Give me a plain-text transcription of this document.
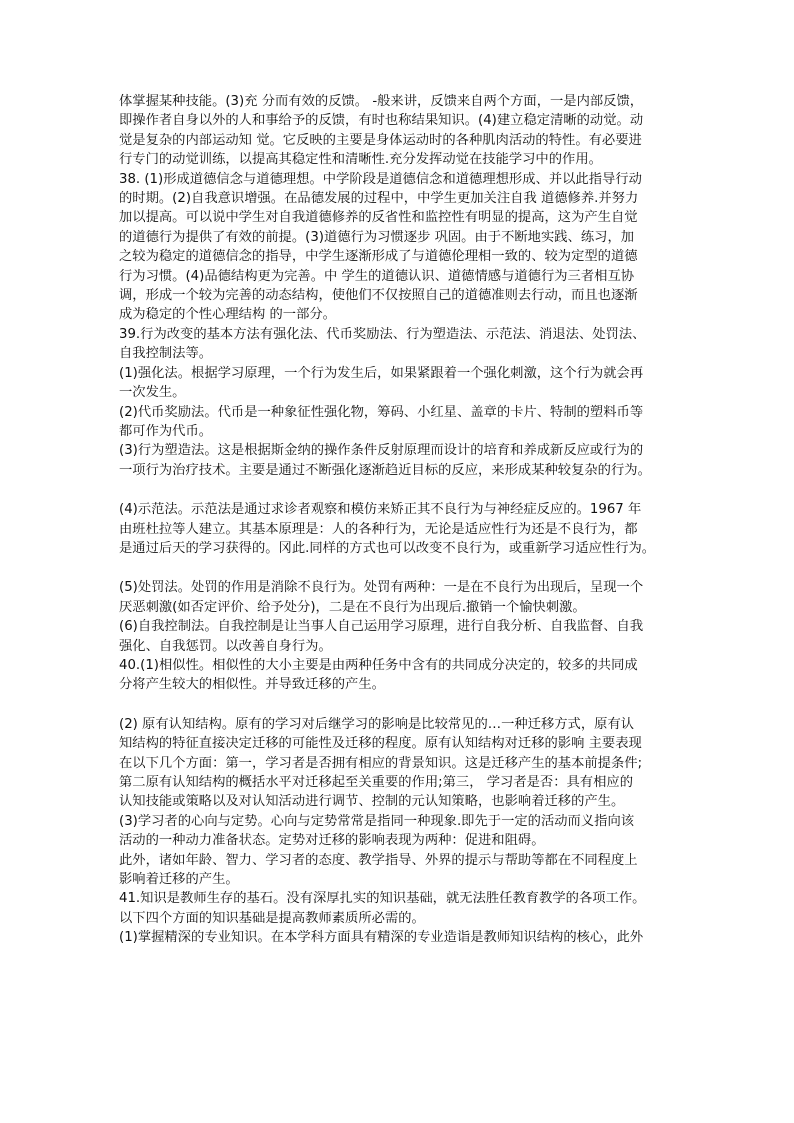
体掌握某种技能。(3)充 分而有效的反馈。 -般来讲，反馈来自两个方面，一是内部反馈，

即操作者自身以外的人和事给予的反馈，有时也称结果知识。(4)建立稳定清晰的动觉。动

觉是复杂的内部运动知 觉。它反映的主要是身体运动时的各种肌肉活动的特性。有必要进

行专门的动觉训练，以提高其稳定性和清晰性.充分发挥动觉在技能学习中的作用。

38. (1)形成道德信念与道德理想。中学阶段是道德信念和道德理想形成、并以此指导行动

的时期。(2)自我意识增强。在品德发展的过程中，中学生更加关注自我 道德修养.并努力

加以提高。可以说中学生对自我道德修养的反省性和监控性有明显的提高，这为产生自觉

的道德行为提供了有效的前提。(3)道德行为习惯逐步 巩固。由于不断地实践、练习，加

之较为稳定的道德信念的指导，中学生逐渐形成了与道德伦理相一致的、较为定型的道德

行为习惯。(4)品德结构更为完善。中 学生的道德认识、道德情感与道德行为三者相互协

调，形成一个较为完善的动态结构，使他们不仅按照自己的道德准则去行动，而且也逐渐

成为稳定的个性心理结构 的一部分。

39.行为改变的基本方法有强化法、代币奖励法、行为塑造法、示范法、消退法、处罚法、

自我控制法等。

(1)强化法。根据学习原理，一个行为发生后，如果紧跟着一个强化刺激，这个行为就会再

一次发生。

(2)代币奖励法。代币是一种象征性强化物，筹码、小红星、盖章的卡片、特制的塑料币等

都可作为代币。

(3)行为塑造法。这是根据斯金纳的操作条件反射原理而设计的培育和养成新反应或行为的

一项行为治疗技术。主要是通过不断强化逐渐趋近目标的反应，来形成某种较复杂的行为。

(4)示范法。示范法是通过求诊者观察和模仿来矫正其不良行为与神经症反应的。1967 年

由班杜拉等人建立。其基本原理是：人的各种行为，无论是适应性行为还是不良行为，都

是通过后天的学习获得的。冈此.同样的方式也可以改变不良行为，或重新学习适应性行为。

(5)处罚法。处罚的作用是消除不良行为。处罚有两种：一是在不良行为出现后，呈现一个

厌恶刺激(如否定评价、给予处分)，二是在不良行为出现后.撤销一个愉快刺激。

(6)自我控制法。自我控制是让当事人自己运用学习原理，进行自我分析、自我监督、自我

强化、自我惩罚。以改善自身行为。

40.(1)相似性。相似性的大小主要是由两种任务中含有的共同成分决定的，较多的共同成

分将产生较大的相似性。并导致迁移的产生。

(2) 原有认知结构。原有的学习对后继学习的影响是比较常见的…一种迁移方式，原有认

知结构的特征直接决定迁移的可能性及迁移的程度。原有认知结构对迁移的影响 主要表现

在以下几个方面：第一，学习者是否拥有相应的背景知识。这是迁移产生的基本前提条件;

第二原有认知结构的概括水平对迁移起至关重要的作用;第三， 学习者是否：具有相应的

认知技能或策略以及对认知活动进行调节、控制的元认知策略，也影响着迁移的产生。

(3)学习者的心向与定势。心向与定势常常是指同一种现象.即先于一定的活动而义指向该

活动的一种动力准备状态。定势对迁移的影响表现为两种：促进和阻碍。

此外，诸如年龄、智力、学习者的态度、教学指导、外界的提示与帮助等都在不同程度上

影响着迁移的产生。

41.知识是教师生存的基石。没有深厚扎实的知识基础，就无法胜任教育教学的各项工作。

以下四个方面的知识基础是提高教师素质所必需的。

(1)掌握精深的专业知识。在本学科方面具有精深的专业造诣是教师知识结构的核心，此外
